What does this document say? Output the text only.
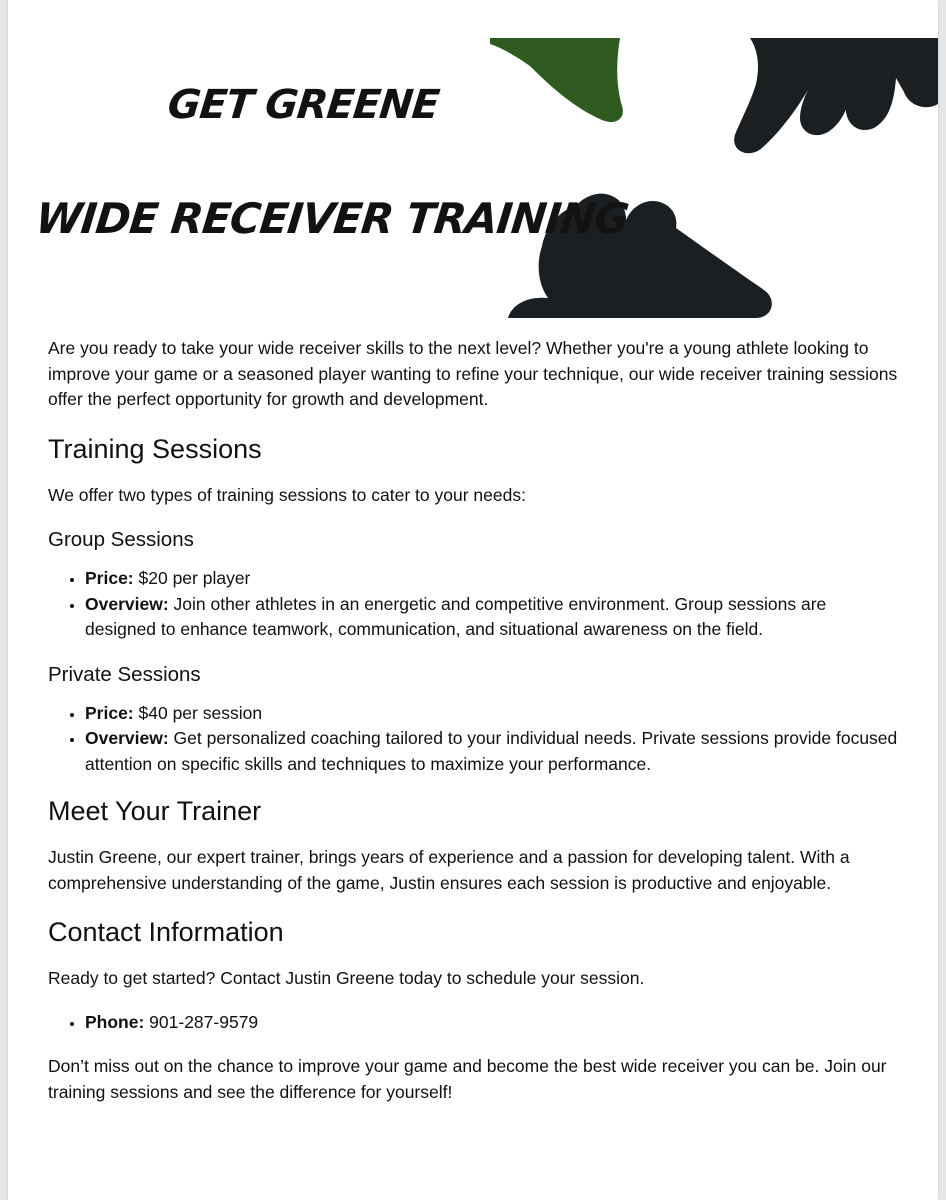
GET GREENE
WIDE RECEIVER TRAINING

Are you ready to take your wide receiver skills to the next level? Whether you're a young athlete looking to improve your game or a seasoned player wanting to refine your technique, our wide receiver training sessions offer the perfect opportunity for growth and development.

Training Sessions

We offer two types of training sessions to cater to your needs:

Group Sessions
• Price: $20 per player
• Overview: Join other athletes in an energetic and competitive environment. Group sessions are designed to enhance teamwork, communication, and situational awareness on the field.
Private Sessions
• Price: $40 per session
• Overview: Get personalized coaching tailored to your individual needs. Private sessions provide focused attention on specific skills and techniques to maximize your performance.
Meet Your Trainer

Justin Greene, our expert trainer, brings years of experience and a passion for developing talent. With a comprehensive understanding of the game, Justin ensures each session is productive and enjoyable.

Contact Information

Ready to get started? Contact Justin Greene today to schedule your session.

• Phone: 901-287-9579

Don’t miss out on the chance to improve your game and become the best wide receiver you can be. Join our training sessions and see the difference for yourself!
